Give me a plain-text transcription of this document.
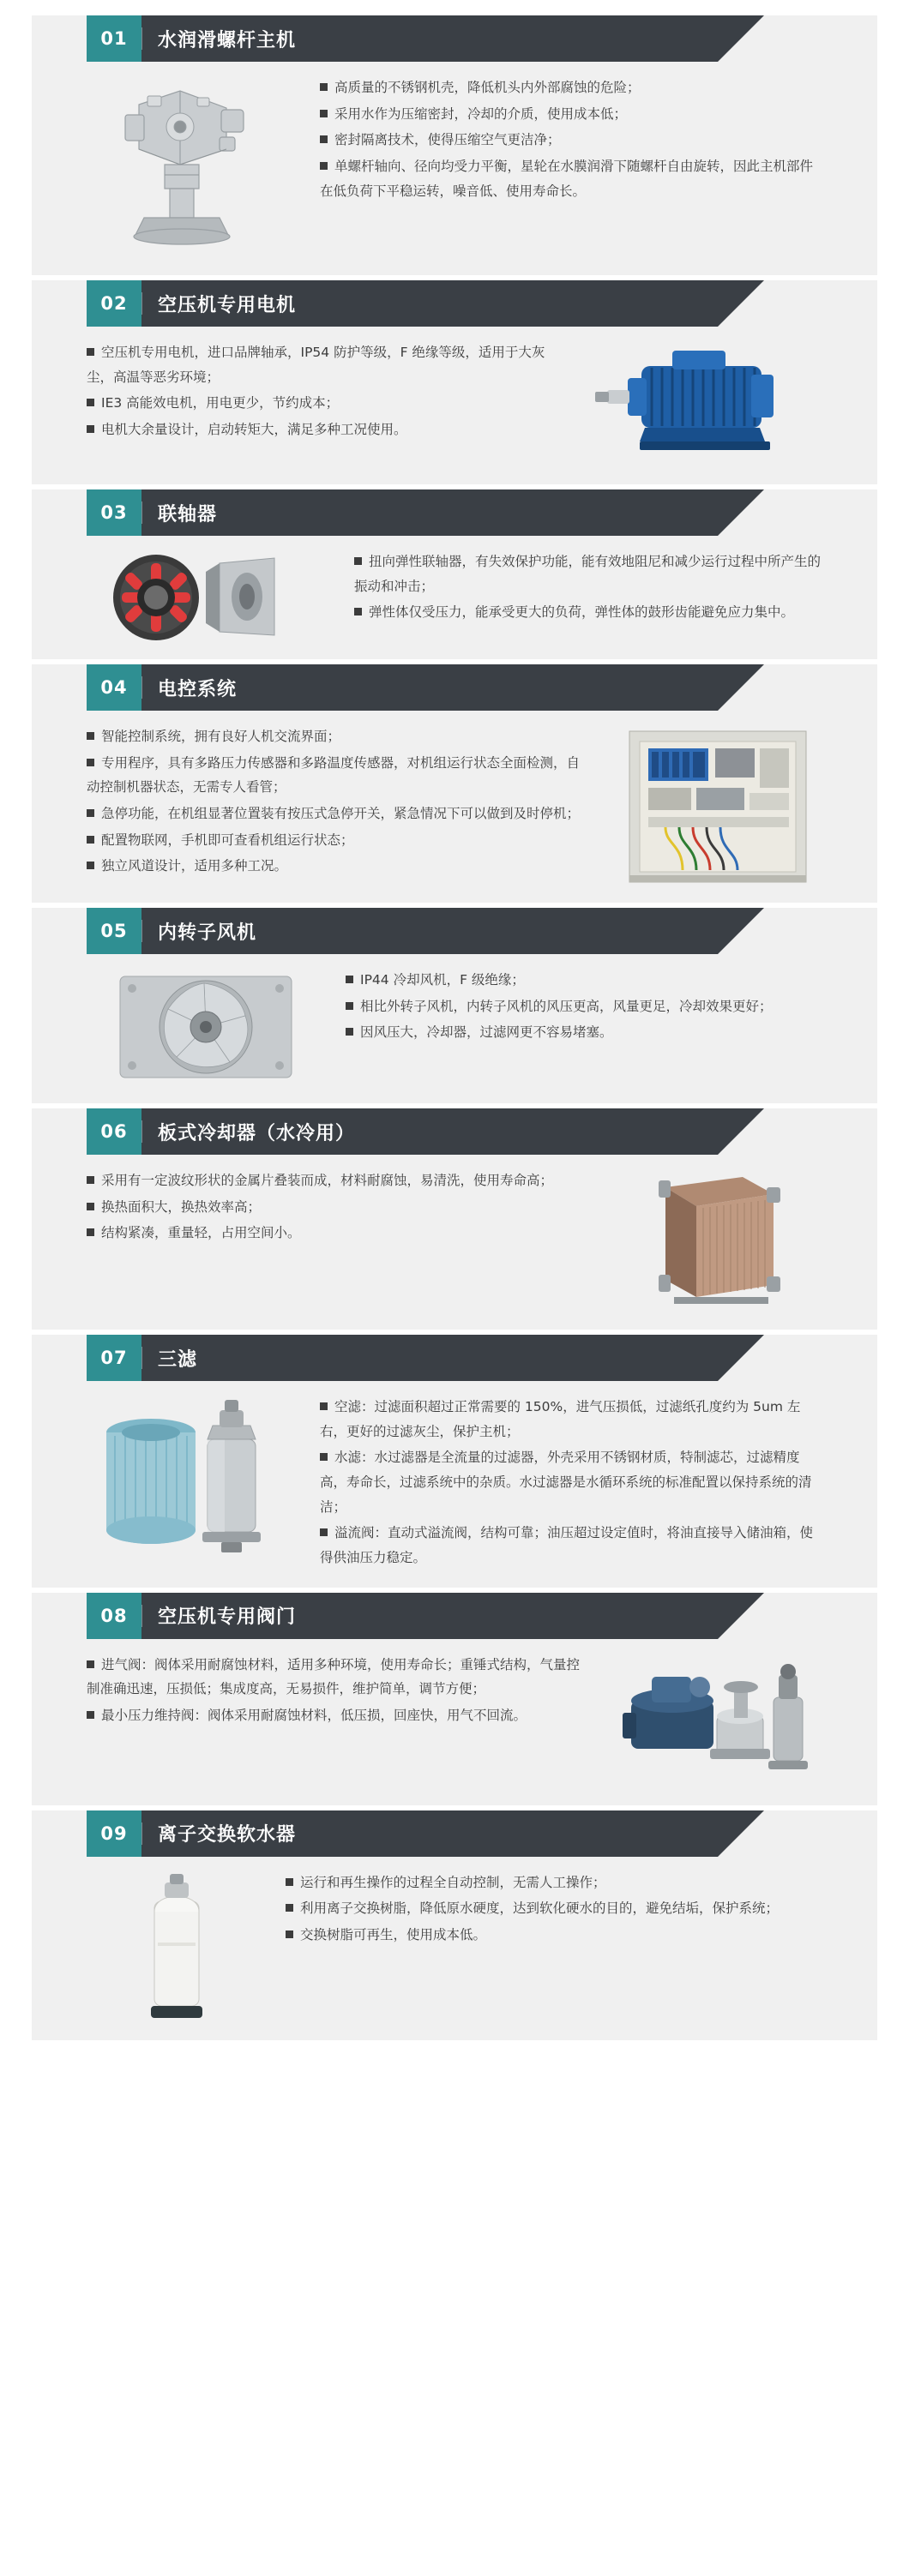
01	水润滑螺杆主机
高质量的不锈钢机壳，降低机头内外部腐蚀的危险；
采用水作为压缩密封，冷却的介质，使用成本低；
密封隔离技术，使得压缩空气更洁净；
单螺杆轴向、径向均受力平衡，星轮在水膜润滑下随螺杆自由旋转，因此主机部件在低负荷下平稳运转，噪音低、使用寿命长。
02	空压机专用电机
空压机专用电机，进口品牌轴承，IP54 防护等级，F 绝缘等级，适用于大灰尘，高温等恶劣环境；
IE3 高能效电机，用电更少，节约成本；
电机大余量设计，启动转矩大，满足多种工况使用。
03	联轴器
扭向弹性联轴器，有失效保护功能，能有效地阻尼和减少运行过程中所产生的振动和冲击；
弹性体仅受压力，能承受更大的负荷，弹性体的鼓形齿能避免应力集中。
04	电控系统
智能控制系统，拥有良好人机交流界面；
专用程序，具有多路压力传感器和多路温度传感器，对机组运行状态全面检测，自动控制机器状态，无需专人看管；
急停功能，在机组显著位置装有按压式急停开关，紧急情况下可以做到及时停机；
配置物联网，手机即可查看机组运行状态；
独立风道设计，适用多种工况。
05	内转子风机
IP44 冷却风机，F 级绝缘；
相比外转子风机，内转子风机的风压更高，风量更足，冷却效果更好；
因风压大，冷却器，过滤网更不容易堵塞。
06	板式冷却器（水冷用）
采用有一定波纹形状的金属片叠装而成，材料耐腐蚀，易清洗，使用寿命高；
换热面积大，换热效率高；
结构紧凑，重量轻，占用空间小。
07	三滤
空滤：过滤面积超过正常需要的 150%，进气压损低，过滤纸孔度约为 5um 左右，更好的过滤灰尘，保护主机；
水滤：水过滤器是全流量的过滤器，外壳采用不锈钢材质，特制滤芯，过滤精度高，寿命长，过滤系统中的杂质。水过滤器是水循环系统的标准配置以保持系统的清洁；
溢流阀：直动式溢流阀，结构可靠；油压超过设定值时，将油直接导入储油箱，使得供油压力稳定。
08	空压机专用阀门
进气阀：阀体采用耐腐蚀材料，适用多种环境，使用寿命长；重锤式结构，气量控制准确迅速，压损低；集成度高，无易损件，维护简单，调节方便；
最小压力维持阀：阀体采用耐腐蚀材料，低压损，回座快，用气不回流。
09	离子交换软水器
运行和再生操作的过程全自动控制，无需人工操作；
利用离子交换树脂，降低原水硬度，达到软化硬水的目的，避免结垢，保护系统；
交换树脂可再生，使用成本低。
